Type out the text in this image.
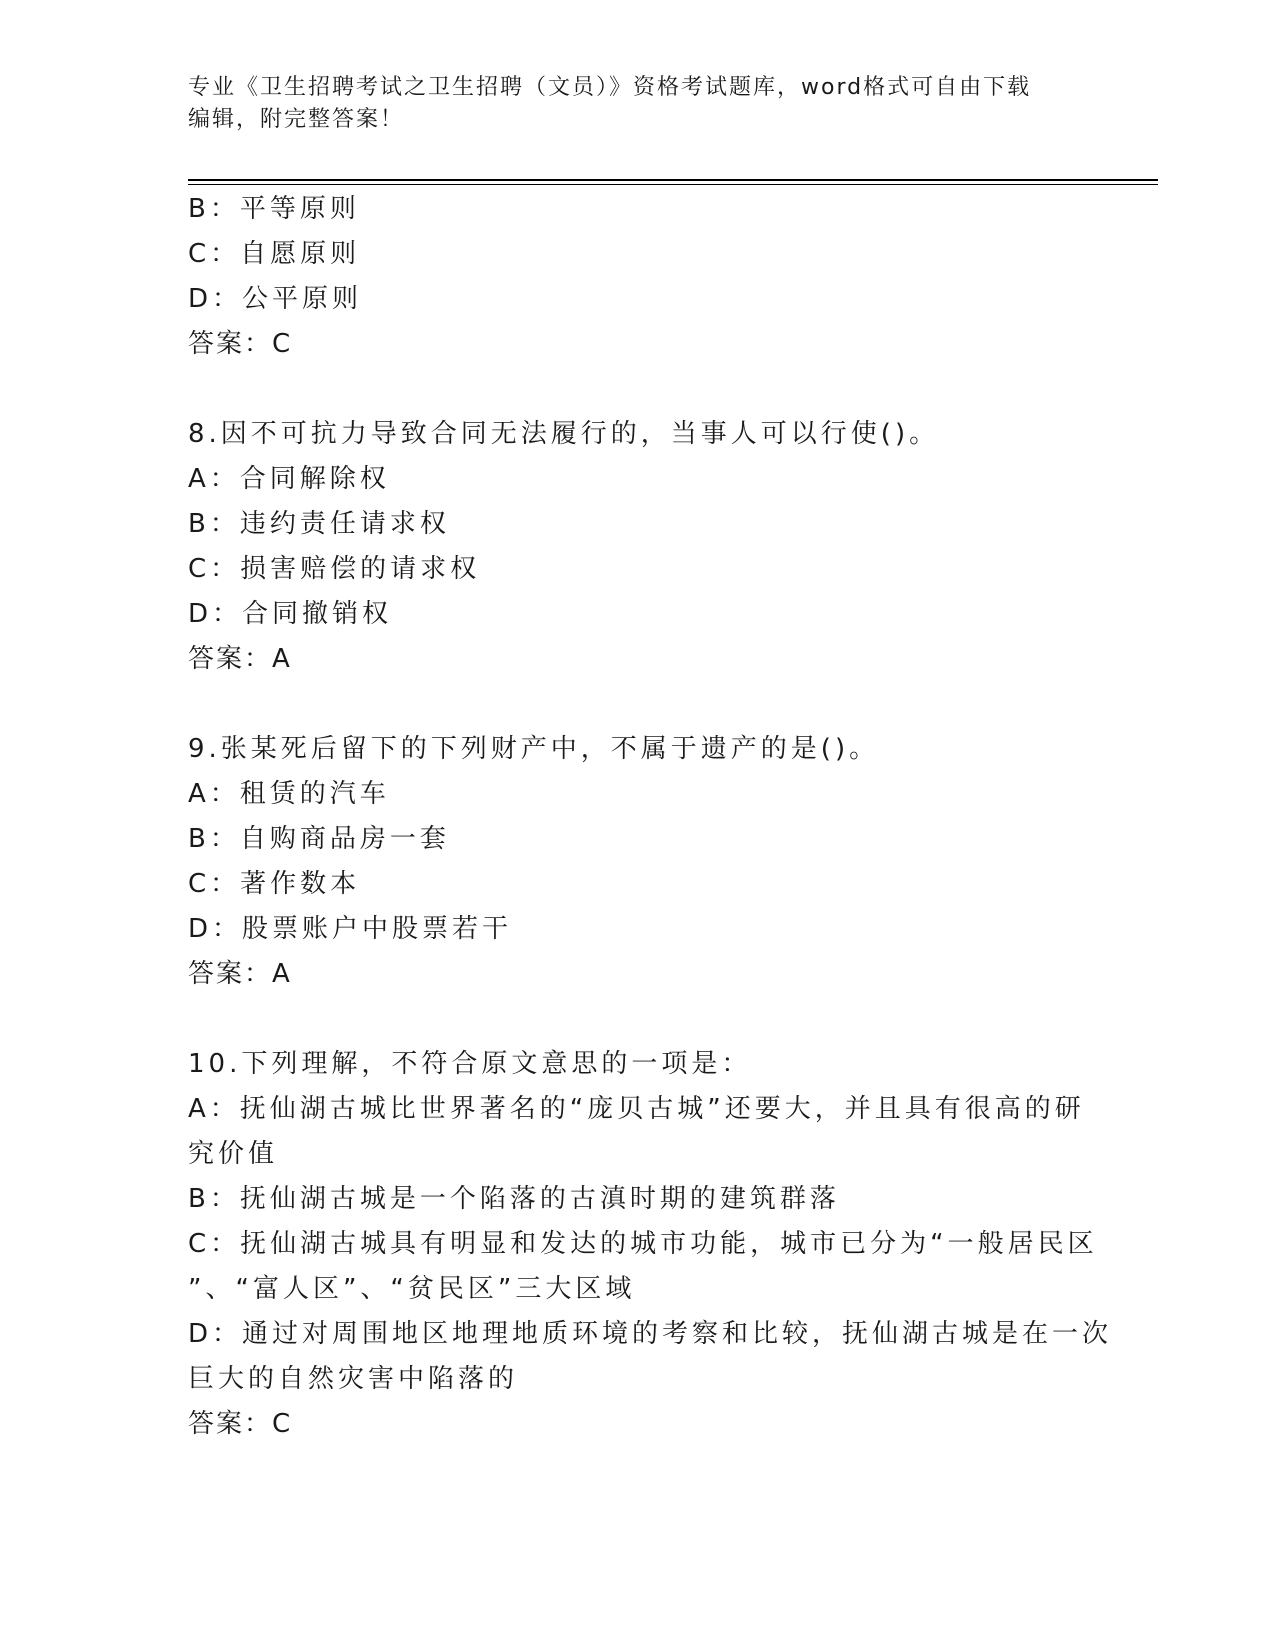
专业《卫生招聘考试之卫生招聘（文员）》资格考试题库，word格式可自由下载
编辑，附完整答案！
B：平等原则
C：自愿原则
D：公平原则
答案：C
8.因不可抗力导致合同无法履行的，当事人可以行使()。
A：合同解除权
B：违约责任请求权
C：损害赔偿的请求权
D：合同撤销权
答案：A
9.张某死后留下的下列财产中，不属于遗产的是()。
A：租赁的汽车
B：自购商品房一套
C：著作数本
D：股票账户中股票若干
答案：A
10.下列理解，不符合原文意思的一项是：
A：抚仙湖古城比世界著名的“庞贝古城”还要大，并且具有很高的研
究价值
B：抚仙湖古城是一个陷落的古滇时期的建筑群落
C：抚仙湖古城具有明显和发达的城市功能，城市已分为“一般居民区
”、“富人区”、“贫民区”三大区域
D：通过对周围地区地理地质环境的考察和比较，抚仙湖古城是在一次
巨大的自然灾害中陷落的
答案：C
